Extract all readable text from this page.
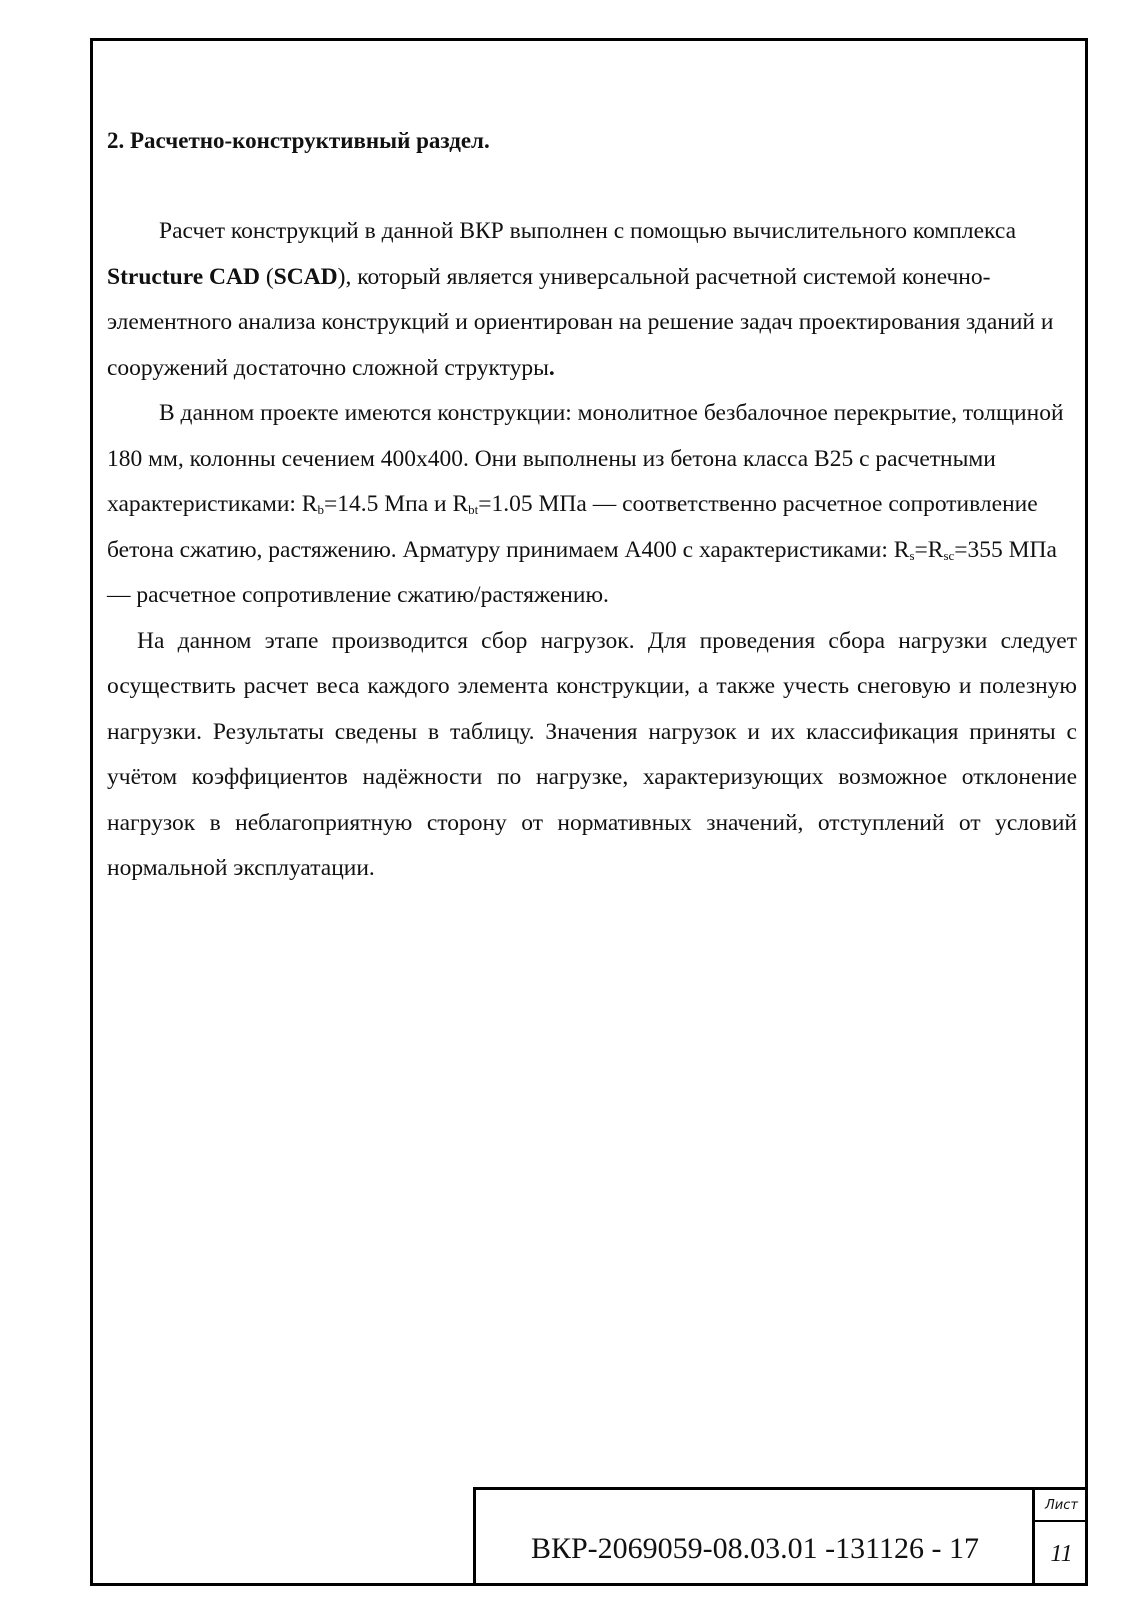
2. Расчетно-конструктивный раздел.

Расчет конструкций в данной ВКР выполнен с помощью вычислительного комплекса Structure CAD (SCAD), который является универсальной расчетной системой конечно-элементного анализа конструкций и ориентирован на решение задач проектирования зданий и сооружений достаточно сложной структуры.

В данном проекте имеются конструкции: монолитное безбалочное перекрытие, толщиной 180 мм, колонны сечением 400х400. Они выполнены из бетона класса В25 с расчетными характеристиками: $R_b=14.5$ Мпа и $R_{bt}=1.05$ МПа — соответственно расчетное сопротивление бетона сжатию, растяжению. Арматуру принимаем А400 с характеристиками: $R_s=R_{sc}=355$ МПа — расчетное сопротивление сжатию/растяжению.

На данном этапе производится сбор нагрузок. Для проведения сбора нагрузки следует осуществить расчет веса каждого элемента конструкции, а также учесть снеговую и полезную нагрузки. Результаты сведены в таблицу. Значения нагрузок и их классификация приняты с учётом коэффициентов надёжности по нагрузке, характеризующих возможное отклонение нагрузок в неблагоприятную сторону от нормативных значений, отступлений от условий нормальной эксплуатации.

ВКР-2069059-08.03.01 -131126 - 17
Лист
11
